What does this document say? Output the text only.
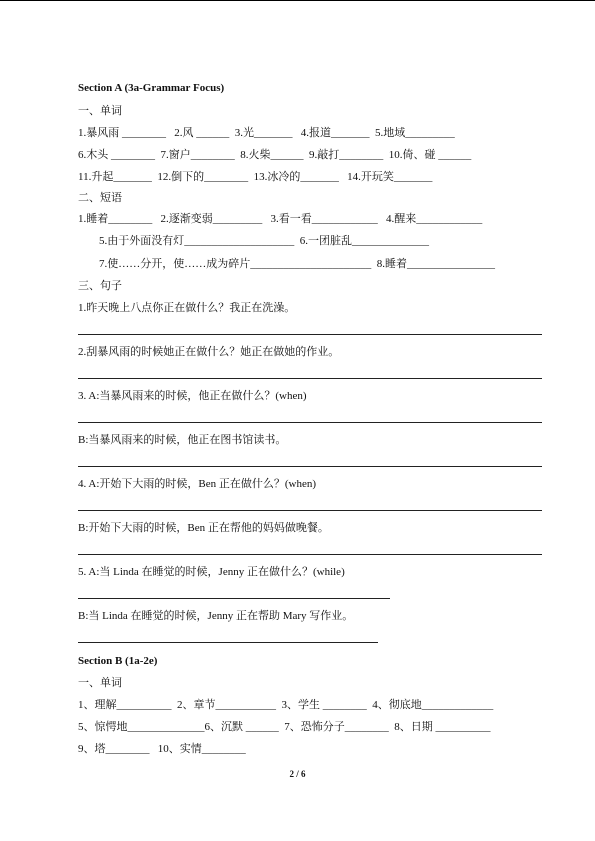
Section A (3a-Grammar Focus)
一、单词
1.暴风雨 ________   2.风 ______  3.光_______   4.报道_______  5.地域_________
6.木头 ________  7.窗户________  8.火柴______  9.敲打________  10.倚、碰 ______
11.升起_______  12.倒下的________  13.冰冷的_______   14.开玩笑_______
二、短语
1.睡着________   2.逐渐变弱_________   3.看一看____________   4.醒来____________
5.由于外面没有灯____________________  6.一团脏乱______________
7.使……分开，使……成为碎片______________________  8.睡着________________
三、句子
1.昨天晚上八点你正在做什么？我正在洗澡。
2.刮暴风雨的时候她正在做什么？她正在做她的作业。
3. A:当暴风雨来的时候，他正在做什么？(when)
B:当暴风雨来的时候，他正在图书馆读书。
4. A:开始下大雨的时候，Ben 正在做什么？(when)
B:开始下大雨的时候，Ben 正在帮他的妈妈做晚餐。
5. A:当 Linda 在睡觉的时候，Jenny 正在做什么？(while)
B:当 Linda 在睡觉的时候，Jenny 正在帮助 Mary 写作业。
Section B (1a-2e)
一、单词
1、理解__________  2、章节___________  3、学生 ________  4、彻底地_____________
5、惊愕地______________6、沉默 ______  7、恐怖分子________  8、日期 __________
9、塔________   10、实情________
2 / 6
